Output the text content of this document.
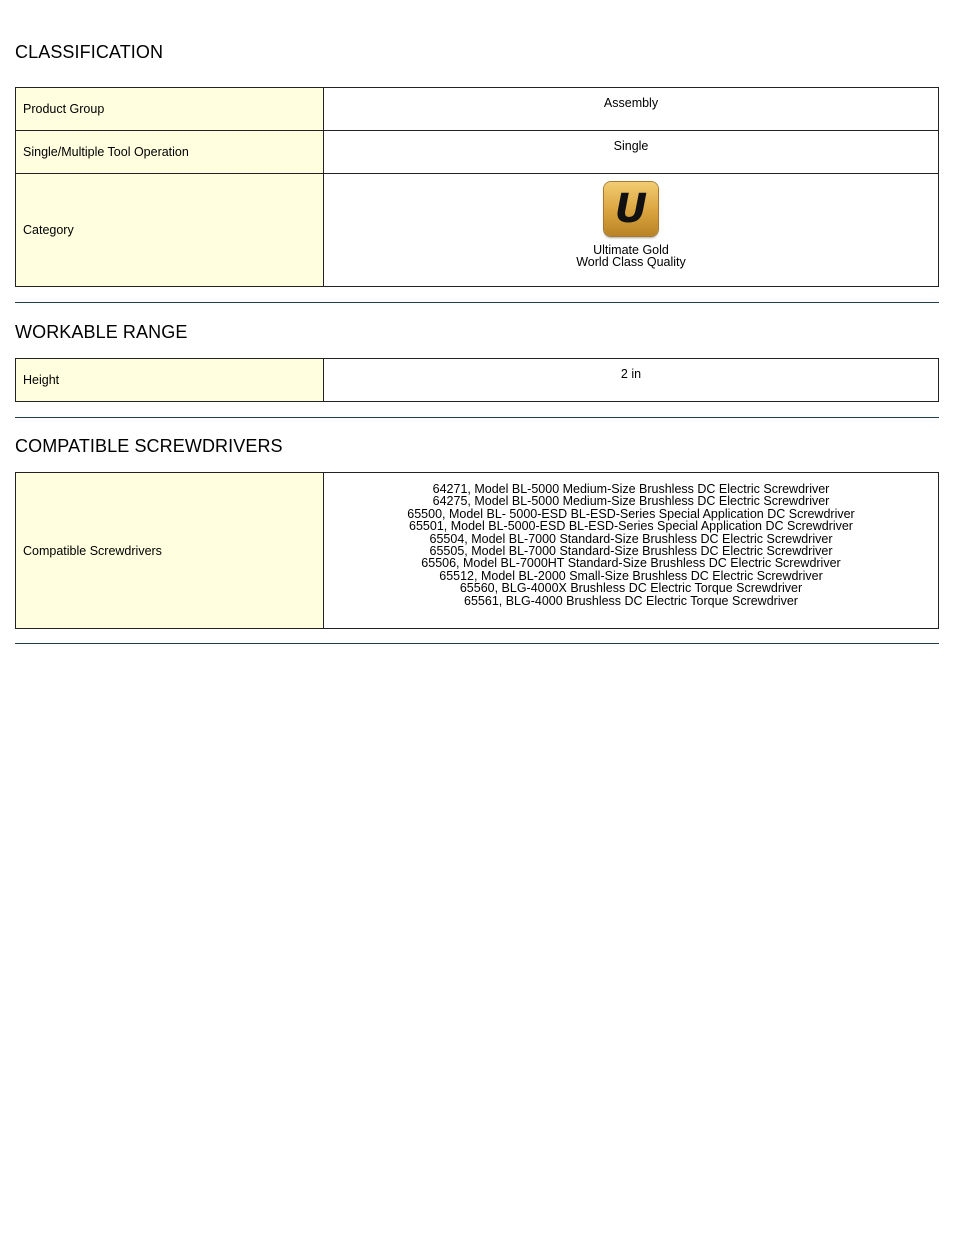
CLASSIFICATION
Product Group	Assembly
Single/Multiple Tool Operation	Single
Category	U
Ultimate Gold
World Class Quality
WORKABLE RANGE
Height	2 in
COMPATIBLE SCREWDRIVERS
Compatible Screwdrivers	
64271, Model BL-5000 Medium-Size Brushless DC Electric Screwdriver
64275, Model BL-5000 Medium-Size Brushless DC Electric Screwdriver
65500, Model BL- 5000-ESD BL-ESD-Series Special Application DC Screwdriver
65501, Model BL-5000-ESD BL-ESD-Series Special Application DC Screwdriver
65504, Model BL-7000 Standard-Size Brushless DC Electric Screwdriver
65505, Model BL-7000 Standard-Size Brushless DC Electric Screwdriver
65506, Model BL-7000HT Standard-Size Brushless DC Electric Screwdriver
65512, Model BL-2000 Small-Size Brushless DC Electric Screwdriver
65560, BLG-4000X Brushless DC Electric Torque Screwdriver
65561, BLG-4000 Brushless DC Electric Torque Screwdriver
